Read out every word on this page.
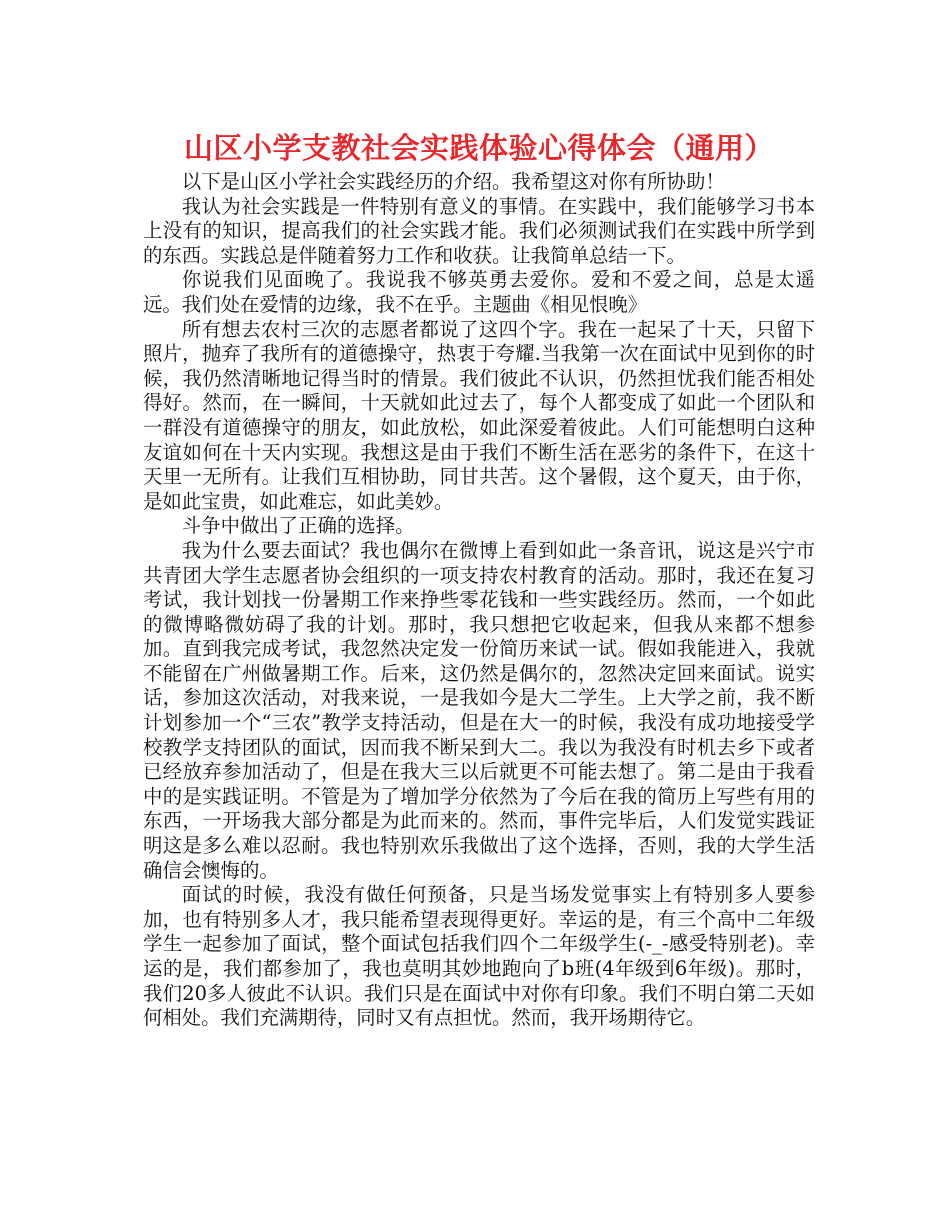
山区小学支教社会实践体验心得体会（通用）

以下是山区小学社会实践经历的介绍。我希望这对你有所协助！

我认为社会实践是一件特别有意义的事情。在实践中，我们能够学习书本上没有的知识，提高我们的社会实践才能。我们必须测试我们在实践中所学到的东西。实践总是伴随着努力工作和收获。让我简单总结一下。

你说我们见面晚了。我说我不够英勇去爱你。爱和不爱之间，总是太遥远。我们处在爱情的边缘，我不在乎。主题曲《相见恨晚》

所有想去农村三次的志愿者都说了这四个字。我在一起呆了十天，只留下照片，抛弃了我所有的道德操守，热衷于夸耀.当我第一次在面试中见到你的时候，我仍然清晰地记得当时的情景。我们彼此不认识，仍然担忧我们能否相处得好。然而，在一瞬间，十天就如此过去了，每个人都变成了如此一个团队和一群没有道德操守的朋友，如此放松，如此深爱着彼此。人们可能想明白这种友谊如何在十天内实现。我想这是由于我们不断生活在恶劣的条件下，在这十天里一无所有。让我们互相协助，同甘共苦。这个暑假，这个夏天，由于你，是如此宝贵，如此难忘，如此美妙。

斗争中做出了正确的选择。

我为什么要去面试？我也偶尔在微博上看到如此一条音讯，说这是兴宁市共青团大学生志愿者协会组织的一项支持农村教育的活动。那时，我还在复习考试，我计划找一份暑期工作来挣些零花钱和一些实践经历。然而，一个如此的微博略微妨碍了我的计划。那时，我只想把它收起来，但我从来都不想参加。直到我完成考试，我忽然决定发一份简历来试一试。假如我能进入，我就不能留在广州做暑期工作。后来，这仍然是偶尔的，忽然决定回来面试。说实话，参加这次活动，对我来说，一是我如今是大二学生。上大学之前，我不断计划参加一个“三农”教学支持活动，但是在大一的时候，我没有成功地接受学校教学支持团队的面试，因而我不断呆到大二。我以为我没有时机去乡下或者已经放弃参加活动了，但是在我大三以后就更不可能去想了。第二是由于我看中的是实践证明。不管是为了增加学分依然为了今后在我的简历上写些有用的东西，一开场我大部分都是为此而来的。然而，事件完毕后，人们发觉实践证明这是多么难以忍耐。我也特别欢乐我做出了这个选择，否则，我的大学生活确信会懊悔的。

面试的时候，我没有做任何预备，只是当场发觉事实上有特别多人要参加，也有特别多人才，我只能希望表现得更好。幸运的是，有三个高中二年级学生一起参加了面试，整个面试包括我们四个二年级学生(-_-感受特别老)。幸运的是，我们都参加了，我也莫明其妙地跑向了b班(4年级到6年级)。那时，我们20多人彼此不认识。我们只是在面试中对你有印象。我们不明白第二天如何相处。我们充满期待，同时又有点担忧。然而，我开场期待它。
